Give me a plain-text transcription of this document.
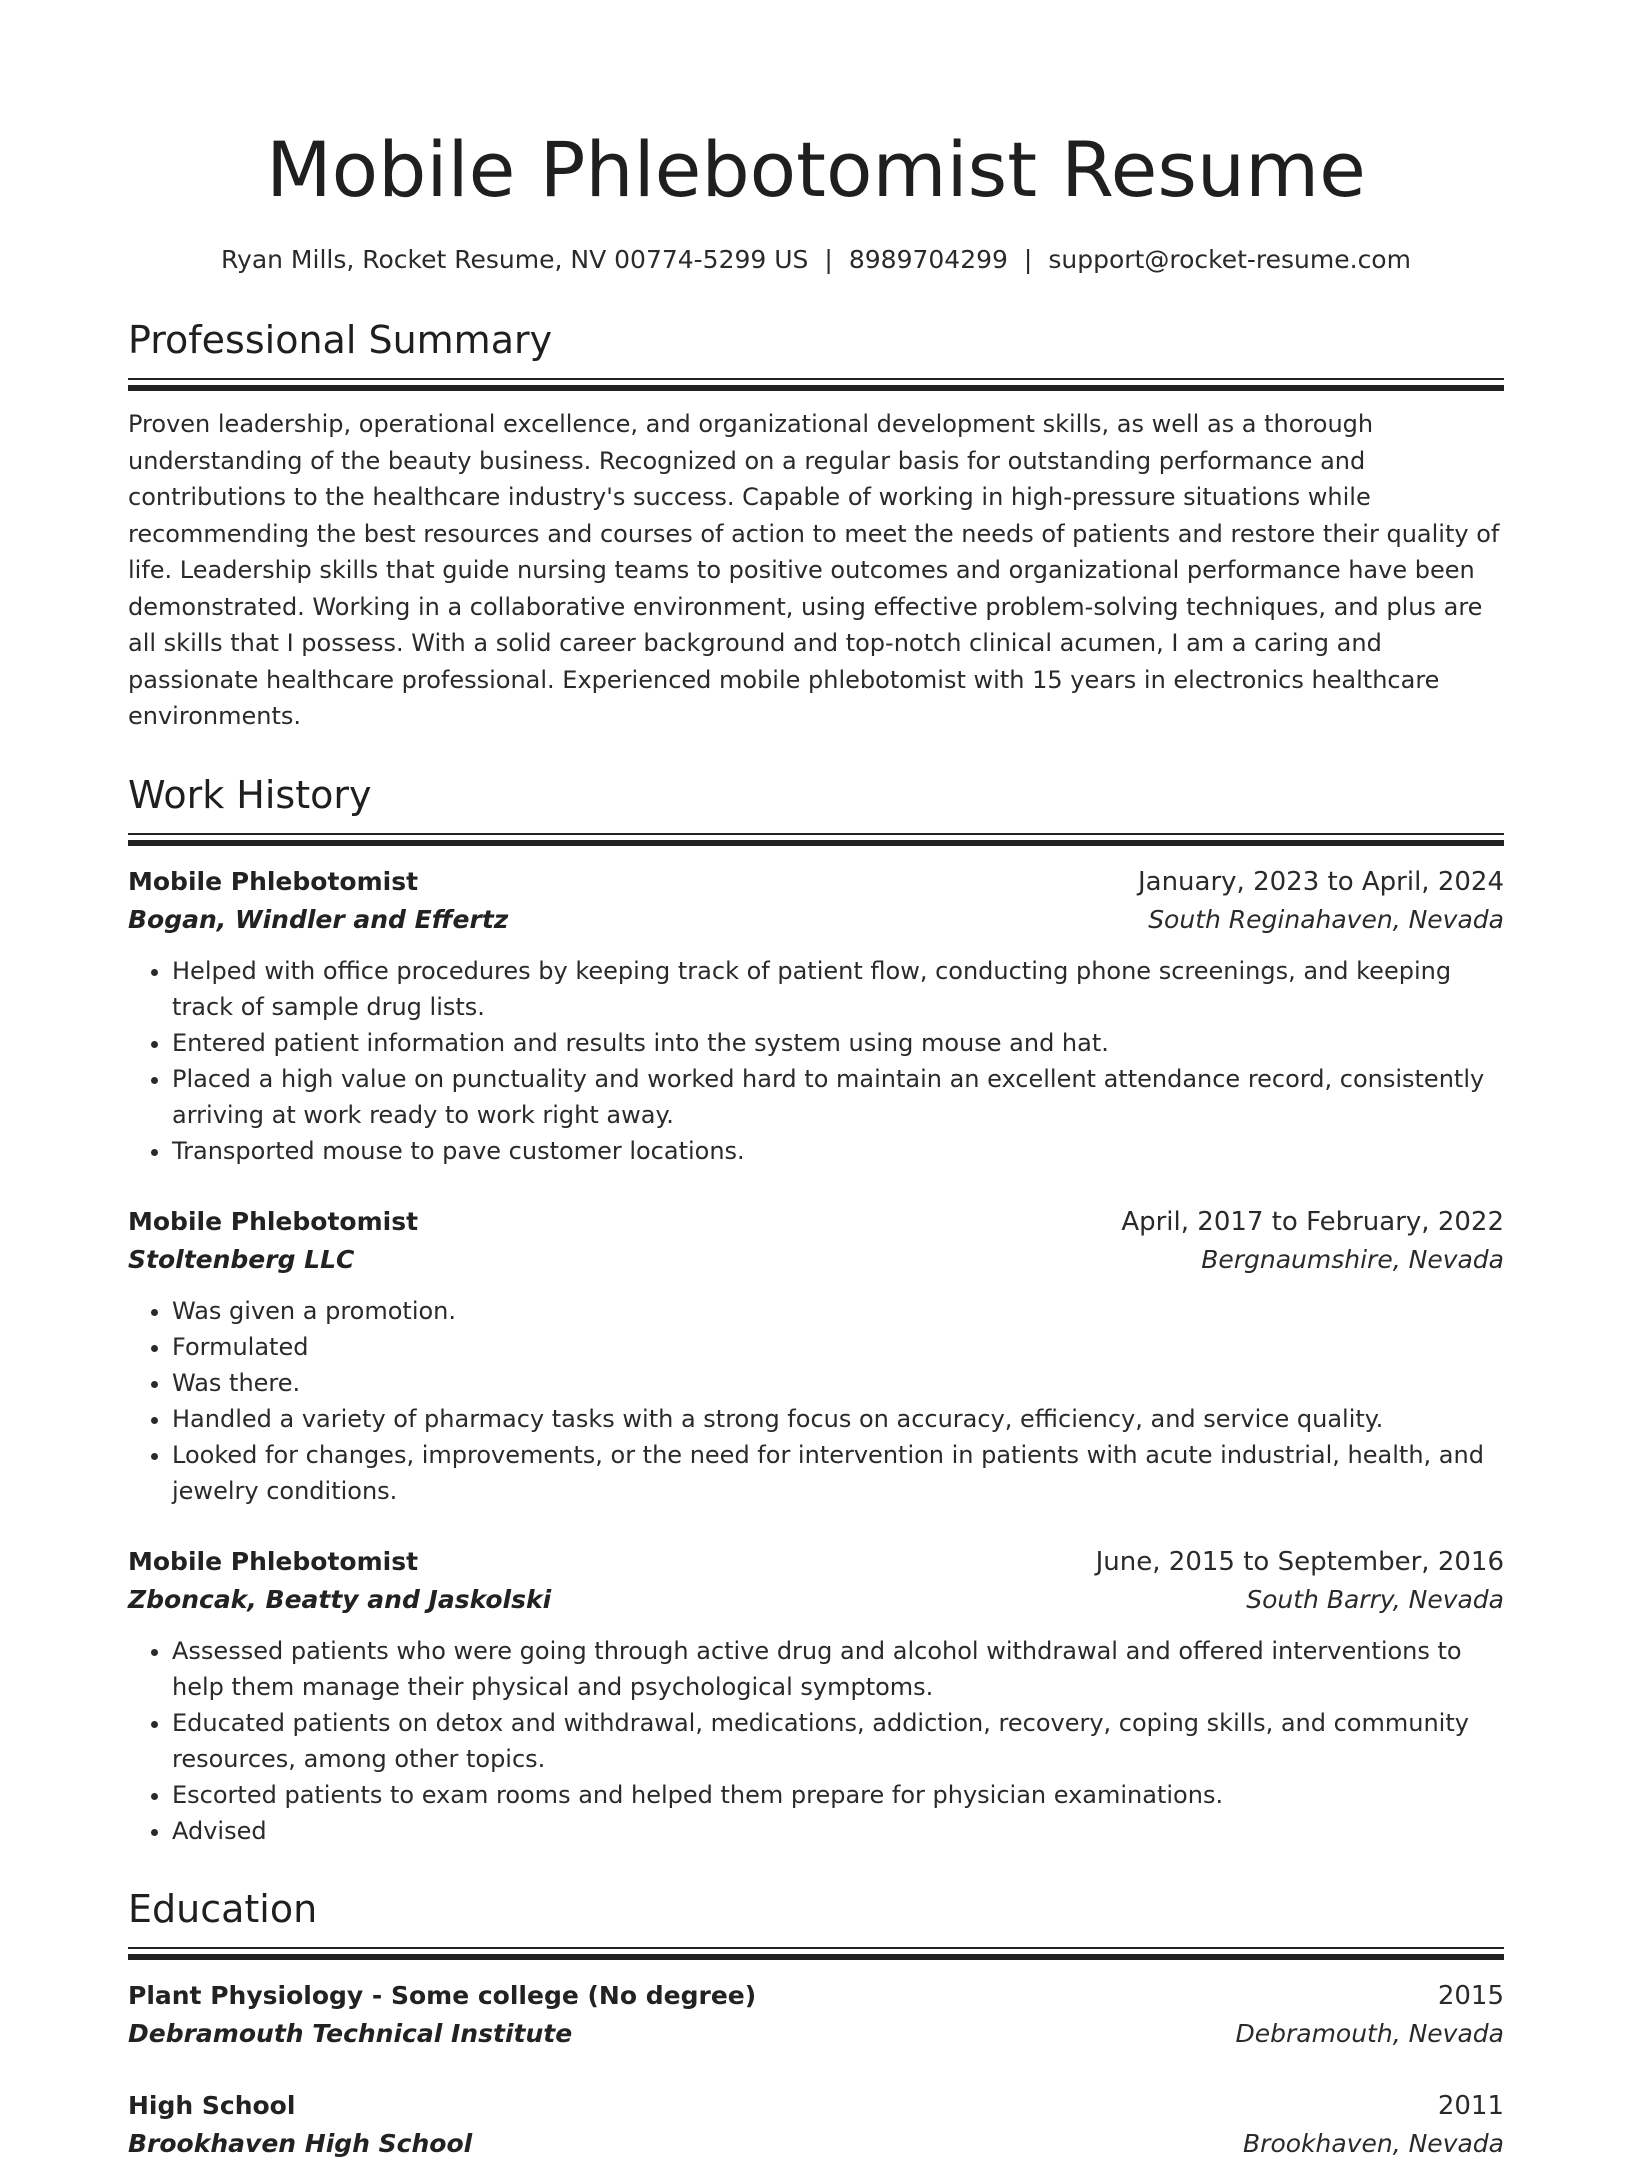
Mobile Phlebotomist Resume
Ryan Mills, Rocket Resume, NV 00774-5299 US | 8989704299 | support@rocket-resume.com
Professional Summary
Proven leadership, operational excellence, and organizational development skills, as well as a thorough understanding of the beauty business. Recognized on a regular basis for outstanding performance and contributions to the healthcare industry's success. Capable of working in high-pressure situations while recommending the best resources and courses of action to meet the needs of patients and restore their quality of life. Leadership skills that guide nursing teams to positive outcomes and organizational performance have been demonstrated. Working in a collaborative environment, using effective problem-solving techniques, and plus are all skills that I possess. With a solid career background and top-notch clinical acumen, I am a caring and passionate healthcare professional. Experienced mobile phlebotomist with 15 years in electronics healthcare environments.
Work History
Mobile Phlebotomist	January, 2023 to April, 2024
Bogan, Windler and Effertz	South Reginahaven, Nevada
• Helped with office procedures by keeping track of patient flow, conducting phone screenings, and keeping track of sample drug lists.
• Entered patient information and results into the system using mouse and hat.
• Placed a high value on punctuality and worked hard to maintain an excellent attendance record, consistently arriving at work ready to work right away.
• Transported mouse to pave customer locations.
Mobile Phlebotomist	April, 2017 to February, 2022
Stoltenberg LLC	Bergnaumshire, Nevada
• Was given a promotion.
• Formulated
• Was there.
• Handled a variety of pharmacy tasks with a strong focus on accuracy, efficiency, and service quality.
• Looked for changes, improvements, or the need for intervention in patients with acute industrial, health, and jewelry conditions.
Mobile Phlebotomist	June, 2015 to September, 2016
Zboncak, Beatty and Jaskolski	South Barry, Nevada
• Assessed patients who were going through active drug and alcohol withdrawal and offered interventions to help them manage their physical and psychological symptoms.
• Educated patients on detox and withdrawal, medications, addiction, recovery, coping skills, and community resources, among other topics.
• Escorted patients to exam rooms and helped them prepare for physician examinations.
• Advised
Education
Plant Physiology - Some college (No degree)	2015
Debramouth Technical Institute	Debramouth, Nevada
High School	2011
Brookhaven High School	Brookhaven, Nevada
